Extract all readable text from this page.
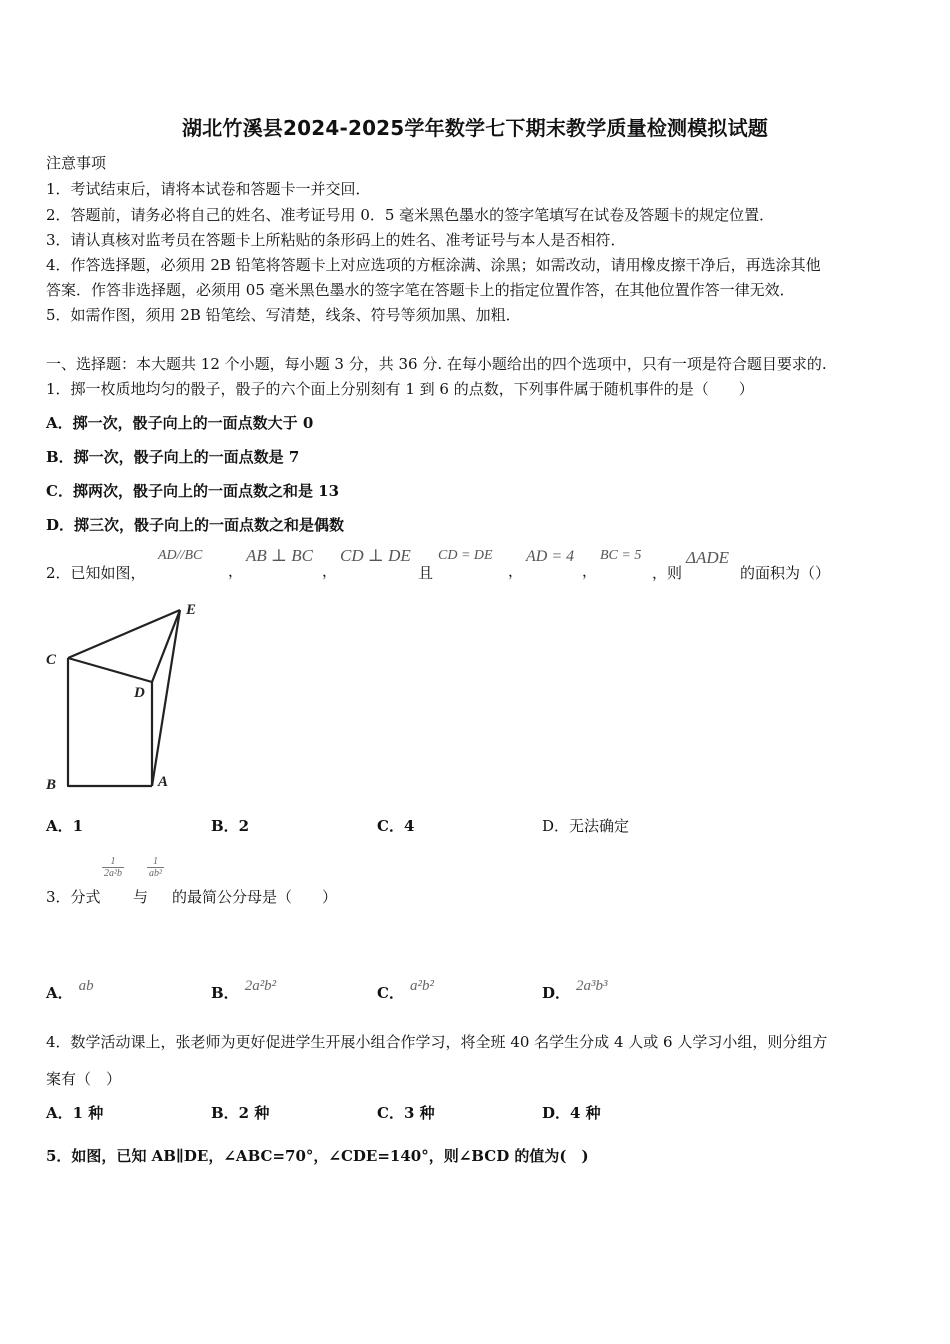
湖北竹溪县2024-2025学年数学七下期末教学质量检测模拟试题
注意事项
1．考试结束后，请将本试卷和答题卡一并交回．
2．答题前，请务必将自己的姓名、准考证号用 0．5 毫米黑色墨水的签字笔填写在试卷及答题卡的规定位置．
3．请认真核对监考员在答题卡上所粘贴的条形码上的姓名、准考证号与本人是否相符．
4．作答选择题，必须用 2B 铅笔将答题卡上对应选项的方框涂满、涂黑；如需改动，请用橡皮擦干净后，再选涂其他
答案．作答非选择题，必须用 05 毫米黑色墨水的签字笔在答题卡上的指定位置作答，在其他位置作答一律无效．
5．如需作图，须用 2B 铅笔绘、写清楚，线条、符号等须加黑、加粗．
一、选择题：本大题共 12 个小题，每小题 3 分，共 36 分. 在每小题给出的四个选项中，只有一项是符合题目要求的.
1．掷一枚质地均匀的骰子，骰子的六个面上分别刻有 1 到 6 的点数，下列事件属于随机事件的是（　　）
A．掷一次，骰子向上的一面点数大于 0
B．掷一次，骰子向上的一面点数是 7
C．掷两次，骰子向上的一面点数之和是 13
D．掷三次，骰子向上的一面点数之和是偶数
2．已知如图，
AD//BC
，
AB ⊥ BC
，
CD ⊥ DE
且
CD = DE
，
AD = 4
，
BC = 5
，则
ΔADE
的面积为（）
E
C
D
B	A
A．1	B．2	C．4	D．无法确定
3．分式
$\frac{1}{\text{2a²b}}$
与
$\frac{1}{\text{ab²}}$
的最简公分母是（　　）
A． ab	B． 2a²b²	C． a²b²	D． 2a³b³
4．数学活动课上，张老师为更好促进学生开展小组合作学习，将全班 40 名学生分成 4 人或 6 人学习小组，则分组方
案有（　）
A．1 种	B．2 种	C．3 种	D．4 种
5．如图，已知 AB∥DE，∠ABC=70°，∠CDE=140°，则∠BCD 的值为(　)
